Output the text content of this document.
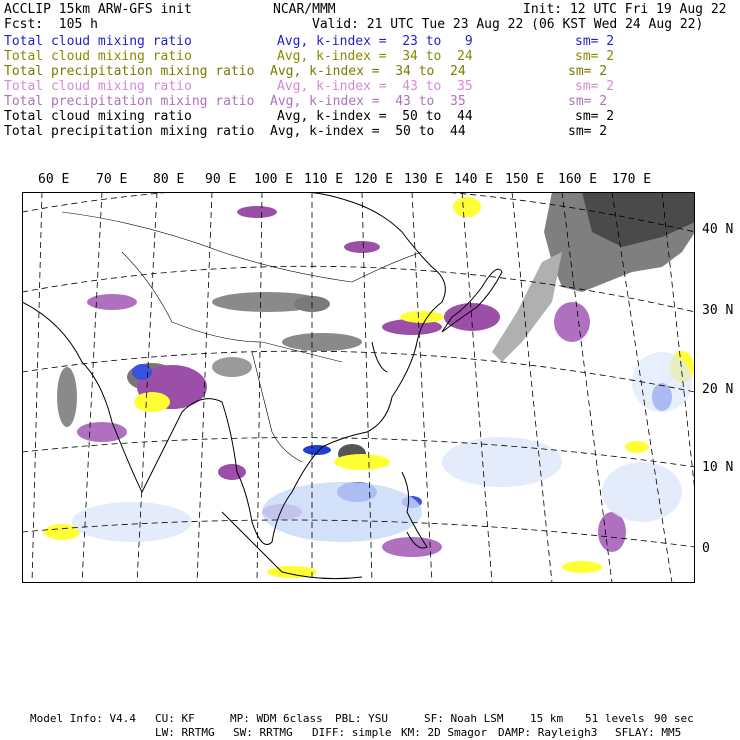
ACCLIP 15km ARW-GFS init	NCAR/MMM	Init: 12 UTC Fri 19 Aug 22
Fcst:  105 h	Valid: 21 UTC Tue 23 Aug 22 (06 KST Wed 24 Aug 22)
Total cloud mixing ratio	Avg, k-index =  23 to   9	sm= 2
Total cloud mixing ratio	Avg, k-index =  34 to  24	sm= 2
Total precipitation mixing ratio Avg, k-index =  34 to  24	sm= 2
Total cloud mixing ratio	Avg, k-index =  43 to  35	sm= 2
Total precipitation mixing ratio Avg, k-index =  43 to  35	sm= 2
Total cloud mixing ratio	Avg, k-index =  50 to  44	sm= 2
Total precipitation mixing ratio Avg, k-index =  50 to  44	sm= 2
60 E 70 E 80 E 90 E 100 E 110 E 120 E 130 E 140 E 150 E 160 E 170 E
40 N
30 N
20 N
10 N
0
Model Info: V4.4 CU: KF	MP: WDM 6class PBL: YSU	SF: Noah LSM 15 km 51 levels 90 sec
LW: RRTMG SW: RRTMG DIFF: simple KM: 2D Smagor DAMP: Rayleigh3 SFLAY: MM5
